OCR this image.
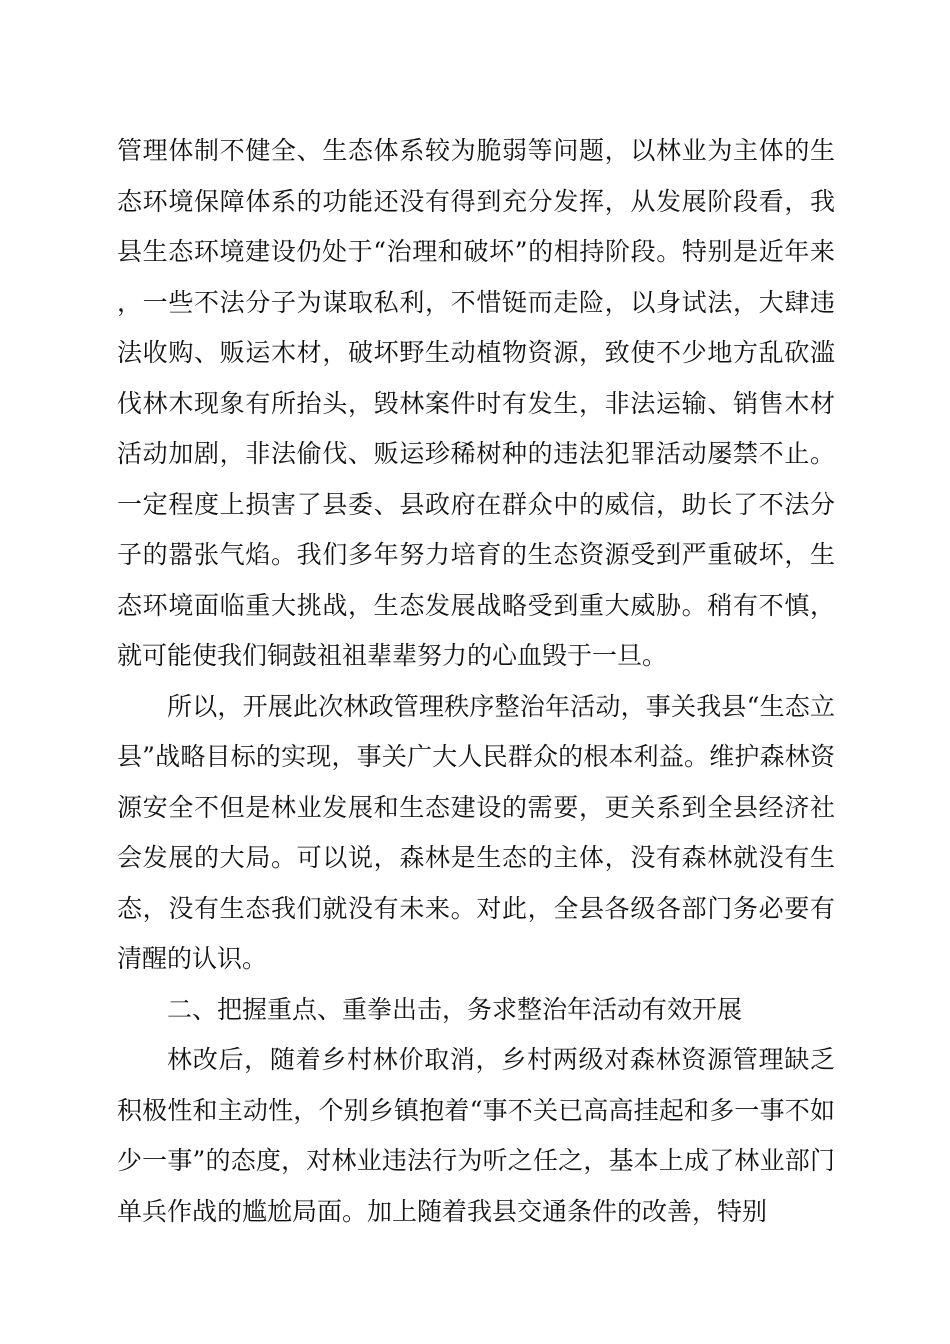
管理体制不健全、生态体系较为脆弱等问题，以林业为主体的生态环境保障体系的功能还没有得到充分发挥，从发展阶段看，我县生态环境建设仍处于“治理和破坏”的相持阶段。特别是近年来，一些不法分子为谋取私利，不惜铤而走险，以身试法，大肆违法收购、贩运木材，破坏野生动植物资源，致使不少地方乱砍滥伐林木现象有所抬头，毁林案件时有发生，非法运输、销售木材活动加剧，非法偷伐、贩运珍稀树种的违法犯罪活动屡禁不止。一定程度上损害了县委、县政府在群众中的威信，助长了不法分子的嚣张气焰。我们多年努力培育的生态资源受到严重破坏，生态环境面临重大挑战，生态发展战略受到重大威胁。稍有不慎，就可能使我们铜鼓祖祖辈辈努力的心血毁于一旦。

所以，开展此次林政管理秩序整治年活动，事关我县“生态立县”战略目标的实现，事关广大人民群众的根本利益。维护森林资源安全不但是林业发展和生态建设的需要，更关系到全县经济社会发展的大局。可以说，森林是生态的主体，没有森林就没有生态，没有生态我们就没有未来。对此，全县各级各部门务必要有清醒的认识。

二、把握重点、重拳出击，务求整治年活动有效开展

林改后，随着乡村林价取消，乡村两级对森林资源管理缺乏积极性和主动性，个别乡镇抱着“事不关已高高挂起和多一事不如少一事”的态度，对林业违法行为听之任之，基本上成了林业部门单兵作战的尴尬局面。加上随着我县交通条件的改善，特别
